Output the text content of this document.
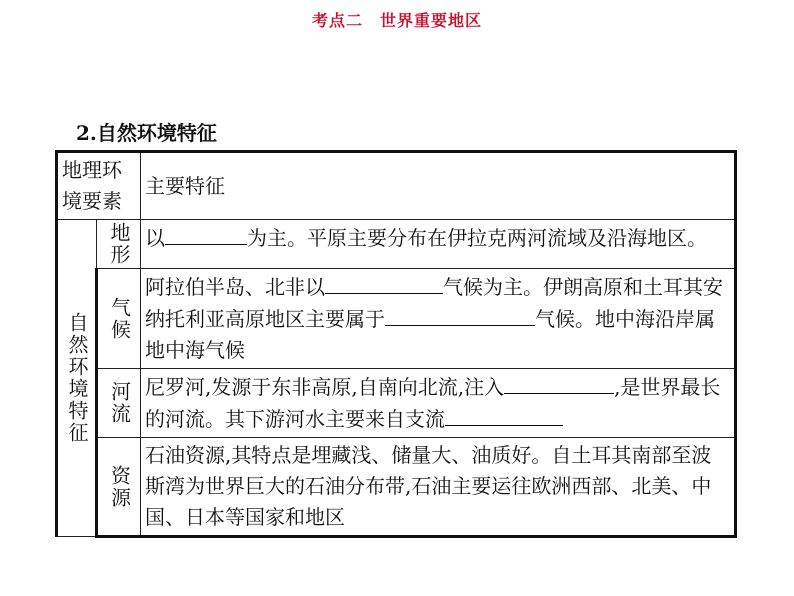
考点二　世界重要地区
2.自然环境特征
地理环境要素		主要特征
自然环境特征	地形	以 为主。平原主要分布在伊拉克两河流域及沿海地区。
	气候	阿拉伯半岛、北非以 气候为主。伊朗高原和土耳其安纳托利亚高原地区主要属于 气候。地中海沿岸属地中海气候
	河流	尼罗河,发源于东非高原,自南向北流,注入 ,是世界最长的河流。其下游河水主要来自支流
	资源	石油资源,其特点是埋藏浅、储量大、油质好。自土耳其南部至波斯湾为世界巨大的石油分布带,石油主要运往欧洲西部、北美、中国、日本等国家和地区
